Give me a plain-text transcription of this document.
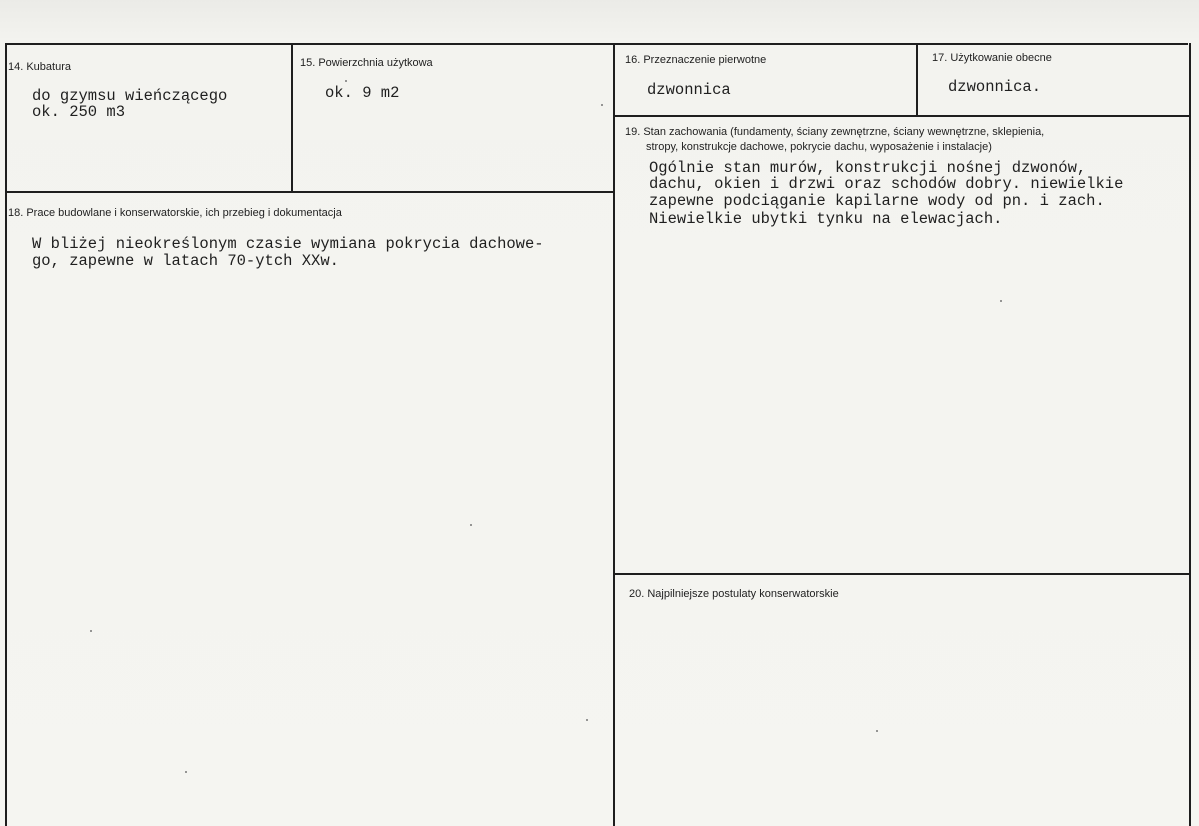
14. Kubatura
do gzymsu wieńczącego
ok. 250 m3
15. Powierzchnia użytkowa
ok. 9 m2
16. Przeznaczenie pierwotne
dzwonnica
17. Użytkowanie obecne
dzwonnica.
18. Prace budowlane i konserwatorskie, ich przebieg i dokumentacja
W bliżej nieokreślonym czasie wymiana pokrycia dachowe-
go, zapewne w latach 70-ytch XXw.
19. Stan zachowania (fundamenty, ściany zewnętrzne, ściany wewnętrzne, sklepienia,
stropy, konstrukcje dachowe, pokrycie dachu, wyposażenie i instalacje)
Ogólnie stan murów, konstrukcji nośnej dzwonów,
dachu, okien i drzwi oraz schodów dobry. niewielkie
zapewne podciąganie kapilarne wody od pn. i zach.
Niewielkie ubytki tynku na elewacjach.
20. Najpilniejsze postulaty konserwatorskie
